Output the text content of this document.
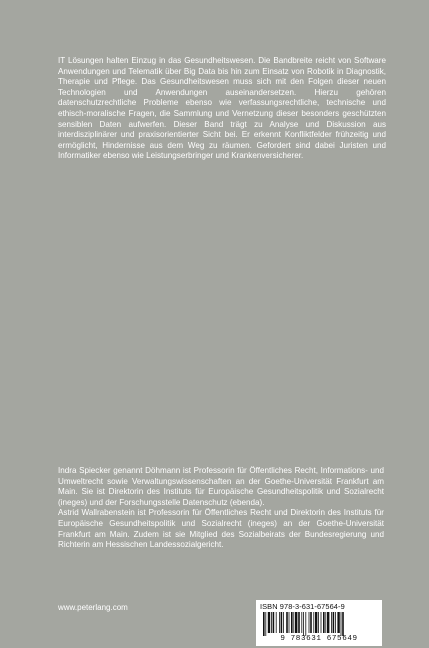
IT Lösungen halten Einzug in das Gesundheitswesen. Die Bandbreite reicht von Software Anwendungen und Telematik über Big Data bis hin zum Einsatz von Robotik in Diagnostik, Therapie und Pflege. Das Gesundheitswesen muss sich mit den Folgen dieser neuen Technologien und Anwendungen auseinandersetzen. Hierzu gehören datenschutzrechtliche Probleme ebenso wie verfassungsrechtliche, technische und ethisch-moralische Fragen, die Sammlung und Vernetzung dieser besonders geschützten sensiblen Daten aufwerfen. Dieser Band trägt zu Analyse und Diskussion aus interdisziplinärer und praxisorientierter Sicht bei. Er erkennt Konfliktfelder frühzeitig und ermöglicht, Hindernisse aus dem Weg zu räumen. Gefordert sind dabei Juristen und Informatiker ebenso wie Leistungserbringer und Krankenversicherer.

Indra Spiecker genannt Döhmann ist Professorin für Öffentliches Recht, Informations- und Umweltrecht sowie Verwaltungswissenschaften an der Goethe-Universität Frankfurt am Main. Sie ist Direktorin des Instituts für Europäische Gesundheitspolitik und Sozialrecht (ineges) und der Forschungsstelle Datenschutz (ebenda).

Astrid Wallrabenstein ist Professorin für Öffentliches Recht und Direktorin des Instituts für Europäische Gesundheitspolitik und Sozialrecht (ineges) an der Goethe-Universität Frankfurt am Main. Zudem ist sie Mitglied des Sozialbeirats der Bundesregierung und Richterin am Hessischen Landessozialgericht.

www.peterlang.com	ISBN 978-3-631-67564-9
9 783631 675649
